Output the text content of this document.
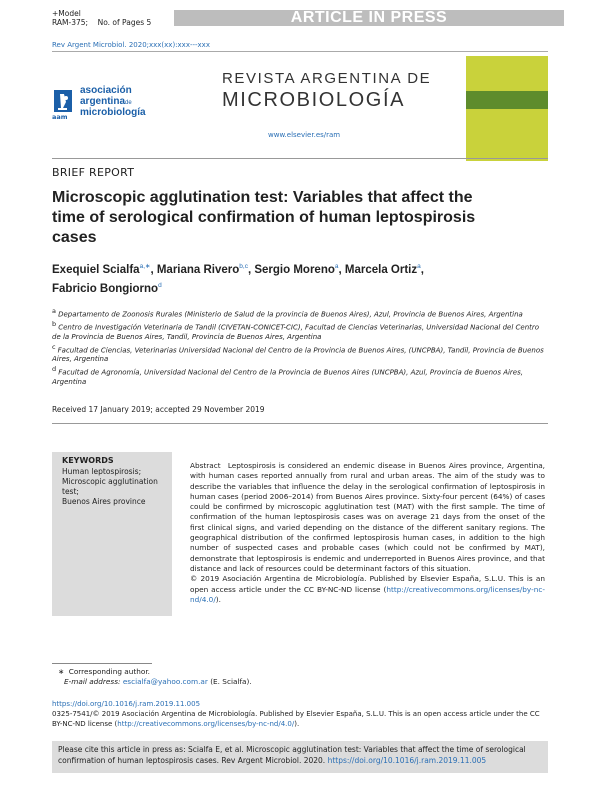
+Model
RAM-375;    No. of Pages 5	ARTICLE IN PRESS
Rev Argent Microbiol. 2020;xxx(xx):xxx---xxx
aam
asociación
argentinade
microbiología
REVISTA ARGENTINA DE
MICROBIOLOGÍA
www.elsevier.es/ram
BRIEF REPORT
Microscopic agglutination test: Variables that affect the time of serological confirmation of human leptospirosis cases
Exequiel Scialfa$^{a,∗}$, Mariana Rivero$^{b,c}$, Sergio Moreno$^a$, Marcela Ortiz$^a$,
Fabricio Bongiorno$^d$
$^a$ Departamento de Zoonosis Rurales (Ministerio de Salud de la provincia de Buenos Aires), Azul, Provincia de Buenos Aires, Argentina
$^b$ Centro de Investigación Veterinaria de Tandil (CIVETAN-CONICET-CIC), Facultad de Ciencias Veterinarias, Universidad Nacional del Centro de la Provincia de Buenos Aires, Tandil, Provincia de Buenos Aires, Argentina
$^c$ Facultad de Ciencias, Veterinarias Universidad Nacional del Centro de la Provincia de Buenos Aires, (UNCPBA), Tandil, Provincia de Buenos Aires, Argentina
$^d$ Facultad de Agronomía, Universidad Nacional del Centro de la Provincia de Buenos Aires (UNCPBA), Azul, Provincia de Buenos Aires, Argentina
Received 17 January 2019; accepted 29 November 2019
KEYWORDS
Human leptospirosis;
Microscopic agglutination test;
Buenos Aires province
Abstract Leptospirosis is considered an endemic disease in Buenos Aires province, Argentina, with human cases reported annually from rural and urban areas. The aim of the study was to describe the variables that influence the delay in the serological confirmation of leptospirosis in human cases (period 2006–2014) from Buenos Aires province. Sixty-four percent (64%) of cases could be confirmed by microscopic agglutination test (MAT) with the first sample. The time of confirmation of the human leptospirosis cases was on average 21 days from the onset of the first clinical signs, and varied depending on the distance of the different sanitary regions. The geographical distribution of the confirmed leptospirosis human cases, in addition to the high number of suspected cases and probable cases (which could not be confirmed by MAT), demonstrate that leptospirosis is endemic and underreported in Buenos Aires province, and that distance and lack of resources could be determinant factors of this situation.
© 2019 Asociación Argentina de Microbiología. Published by Elsevier España, S.L.U. This is an open access article under the CC BY-NC-ND license (http://creativecommons.org/licenses/by-nc-nd/4.0/).
∗  Corresponding author.
E-mail address: escialfa@yahoo.com.ar (E. Scialfa).
https://doi.org/10.1016/j.ram.2019.11.005
0325-7541/© 2019 Asociación Argentina de Microbiología. Published by Elsevier España, S.L.U. This is an open access article under the CC BY-NC-ND license (http://creativecommons.org/licenses/by-nc-nd/4.0/).
Please cite this article in press as: Scialfa E, et al. Microscopic agglutination test: Variables that affect the time of serological confirmation of human leptospirosis cases. Rev Argent Microbiol. 2020. https://doi.org/10.1016/j.ram.2019.11.005
